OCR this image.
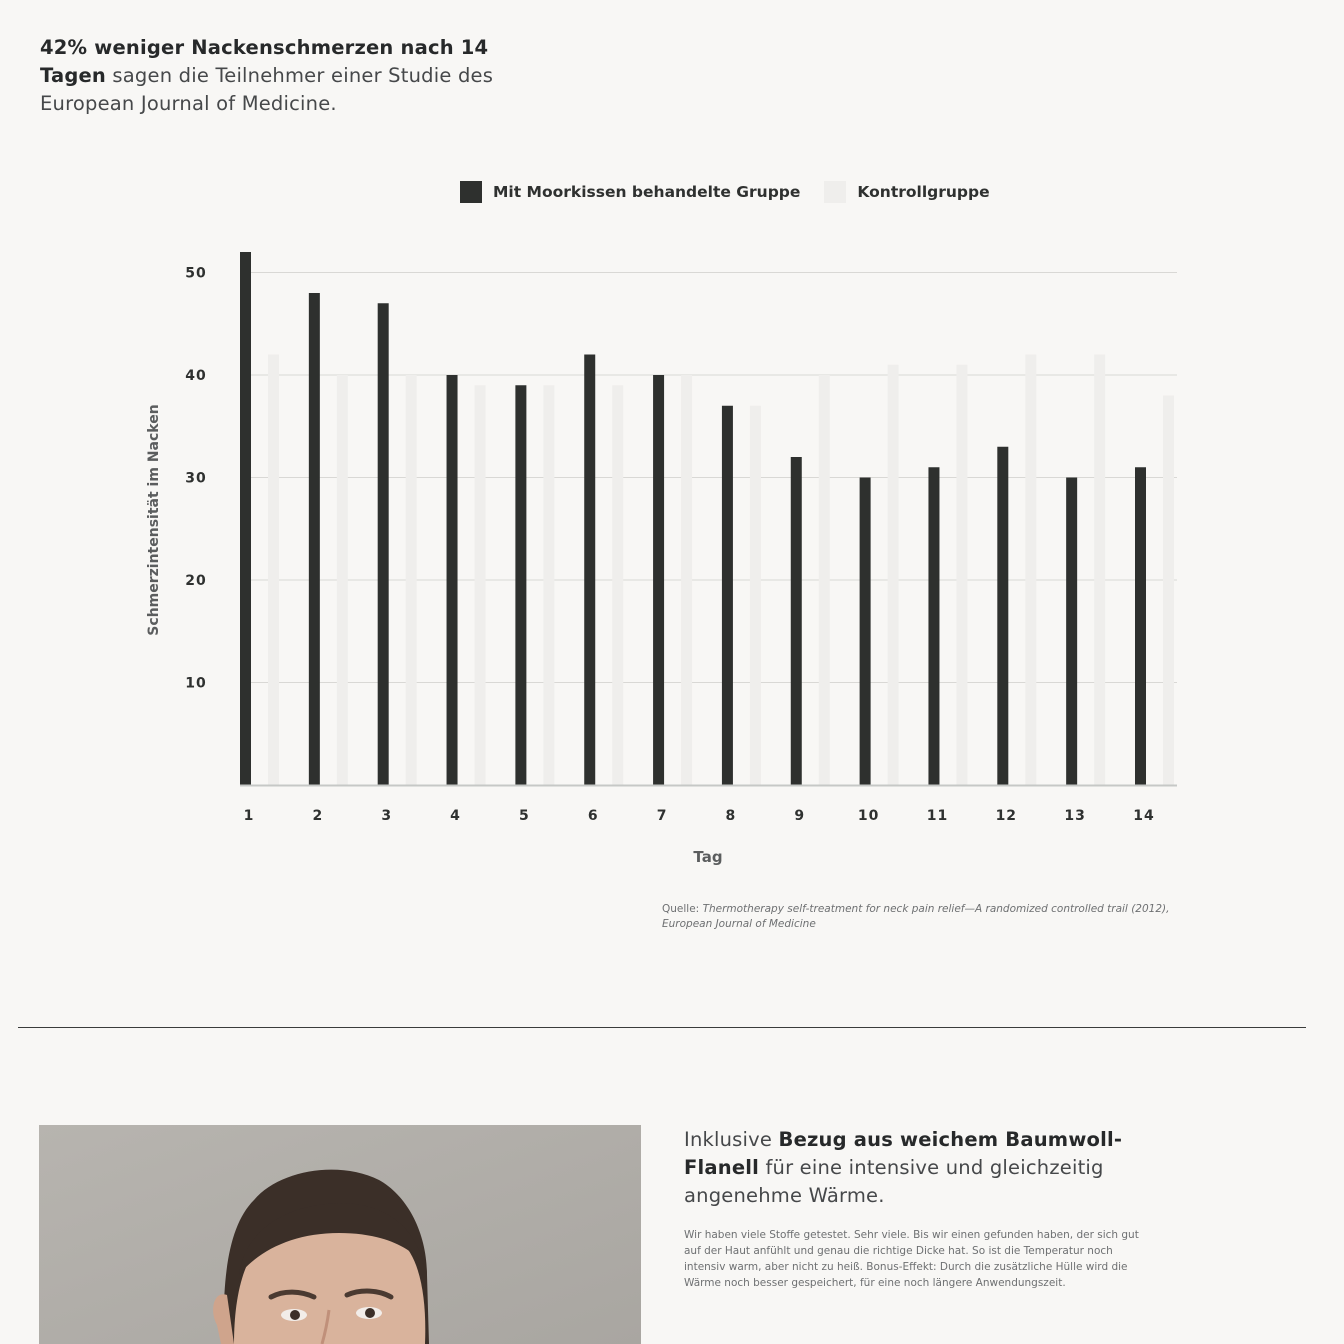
42% weniger Nackenschmerzen nach 14 Tagen sagen die Teilnehmer einer Studie des European Journal of Medicine.
10
20
30
40
50
1	2	3	4	5	6	7	8	9	10	11	12	13	14
Tag
Schmerzintensität im Nacken
Mit Moorkissen behandelte Gruppe	Kontrollgruppe
Quelle: Thermotherapy self-treatment for neck pain relief—A randomized controlled trail (2012), European Journal of Medicine
Inklusive Bezug aus weichem Baumwoll-Flanell für eine intensive und gleichzeitig angenehme Wärme.
Wir haben viele Stoffe getestet. Sehr viele. Bis wir einen gefunden haben, der sich gut auf der Haut anfühlt und genau die richtige Dicke hat. So ist die Temperatur noch intensiv warm, aber nicht zu heiß. Bonus-Effekt: Durch die zusätzliche Hülle wird die Wärme noch besser gespeichert, für eine noch längere Anwendungszeit.
